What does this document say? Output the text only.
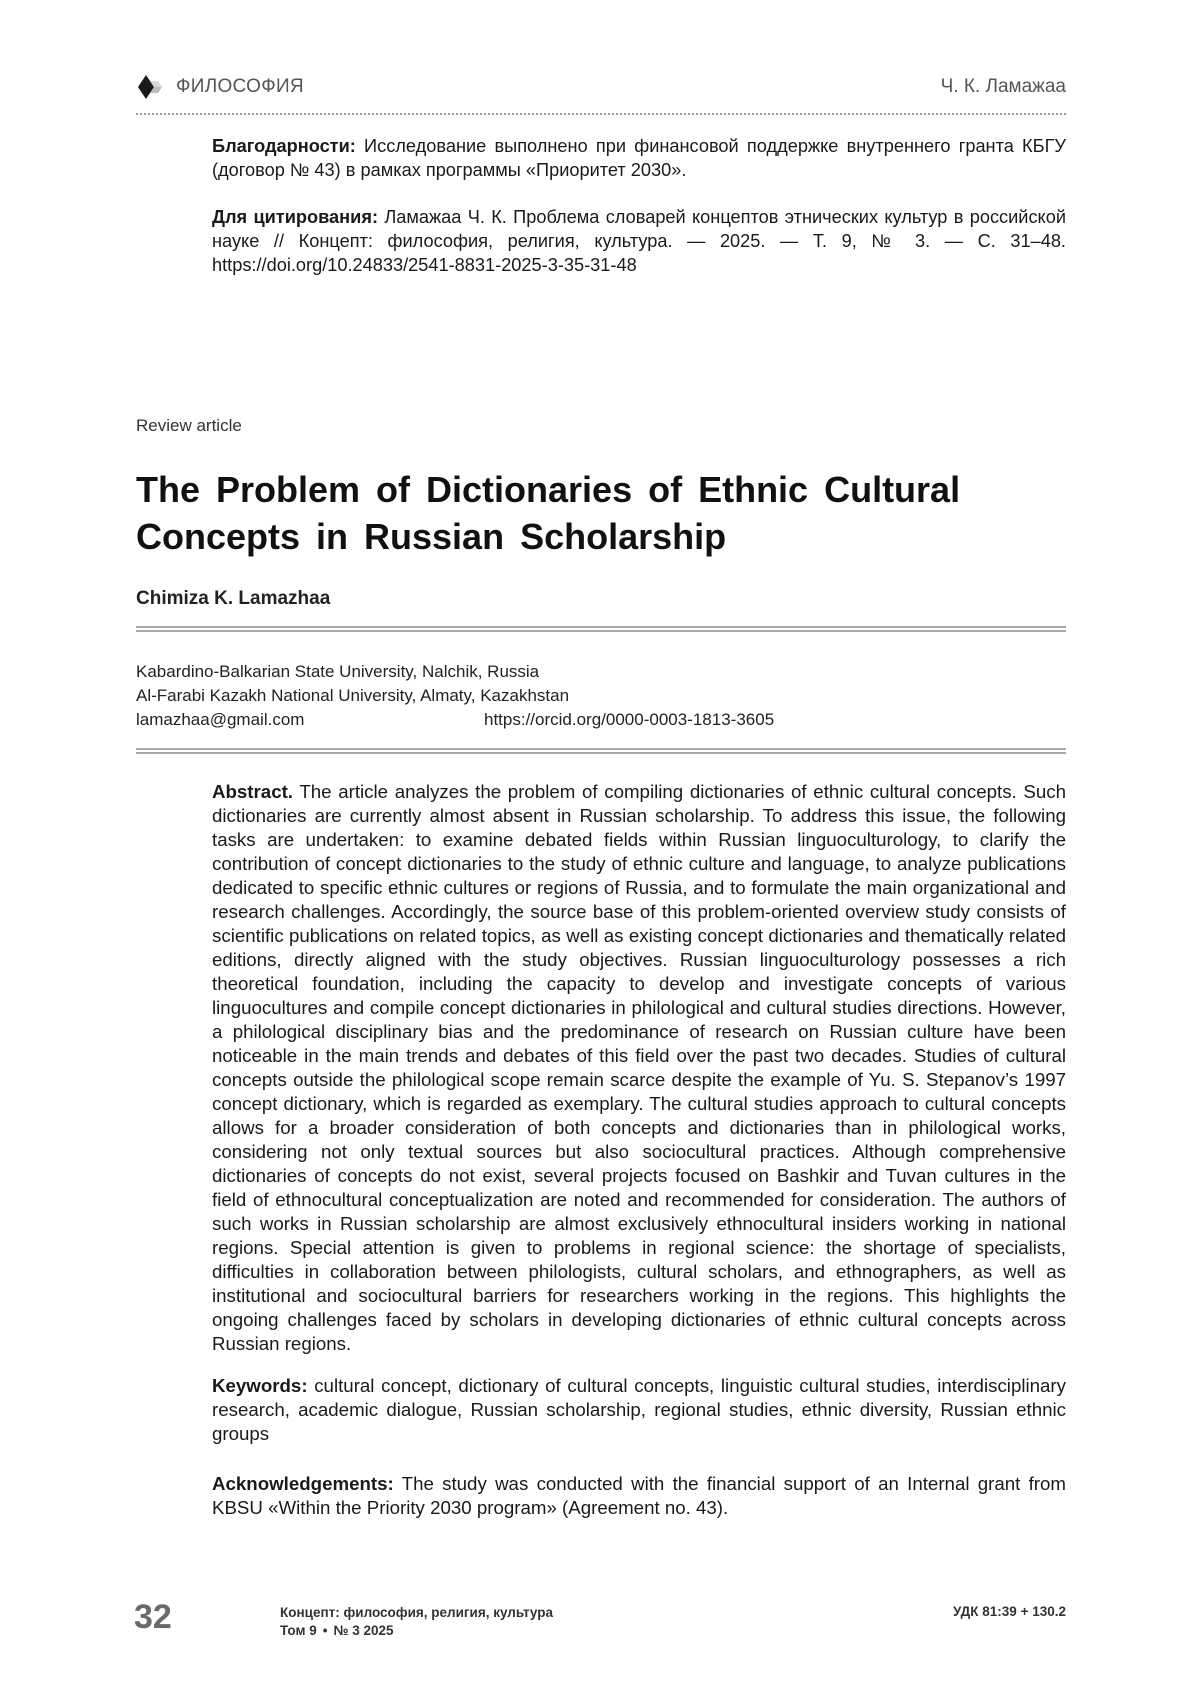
ФИЛОСОФИЯ	Ч. К. Ламажаа
Благодарности: Исследование выполнено при финансовой поддержке внутреннего гранта КБГУ (договор № 43) в рамках программы «Приоритет 2030».
Для цитирования: Ламажаа Ч. К. Проблема словарей концептов этнических культур в российской науке // Концепт: философия, религия, культура. — 2025. — Т. 9, № 3. — С. 31–48. https://doi.org/10.24833/2541-8831-2025-3-35-31-48
Review article
The Problem of Dictionaries of Ethnic Cultural Concepts in Russian Scholarship
Chimiza K. Lamazhaa
Kabardino-Balkarian State University, Nalchik, Russia
Al-Farabi Kazakh National University, Almaty, Kazakhstan
lamazhaa@gmail.com	https://orcid.org/0000-0003-1813-3605
Abstract. The article analyzes the problem of compiling dictionaries of ethnic cultural concepts. Such dictionaries are currently almost absent in Russian scholarship. To address this issue, the following tasks are undertaken: to examine debated fields within Russian linguoculturology, to clarify the contribution of concept dictionaries to the study of ethnic culture and language, to analyze publications dedicated to specific ethnic cultures or regions of Russia, and to formulate the main organizational and research challenges. Accordingly, the source base of this problem-oriented overview study consists of scientific publications on related topics, as well as existing concept dictionaries and thematically related editions, directly aligned with the study objectives. Russian linguoculturology possesses a rich theoretical foundation, including the capacity to develop and investigate concepts of various linguocultures and compile concept dictionaries in philological and cultural studies directions. However, a philological disciplinary bias and the predominance of research on Russian culture have been noticeable in the main trends and debates of this field over the past two decades. Studies of cultural concepts outside the philological scope remain scarce despite the example of Yu. S. Stepanov’s 1997 concept dictionary, which is regarded as exemplary. The cultural studies approach to cultural concepts allows for a broader consideration of both concepts and dictionaries than in philological works, considering not only textual sources but also sociocultural practices. Although comprehensive dictionaries of concepts do not exist, several projects focused on Bashkir and Tuvan cultures in the field of ethnocultural conceptualization are noted and recommended for consideration. The authors of such works in Russian scholarship are almost exclusively ethnocultural insiders working in national regions. Special attention is given to problems in regional science: the shortage of specialists, difficulties in collaboration between philologists, cultural scholars, and ethnographers, as well as institutional and sociocultural barriers for researchers working in the regions. This highlights the ongoing challenges faced by scholars in developing dictionaries of ethnic cultural concepts across Russian regions.
Keywords: cultural concept, dictionary of cultural concepts, linguistic cultural studies, interdisciplinary research, academic dialogue, Russian scholarship, regional studies, ethnic diversity, Russian ethnic groups
Acknowledgements: The study was conducted with the financial support of an Internal grant from KBSU «Within the Priority 2030 program» (Agreement no. 43).
32	Концепт: философия, религия, культура
Том 9 • № 3 2025
УДК 81:39 + 130.2
